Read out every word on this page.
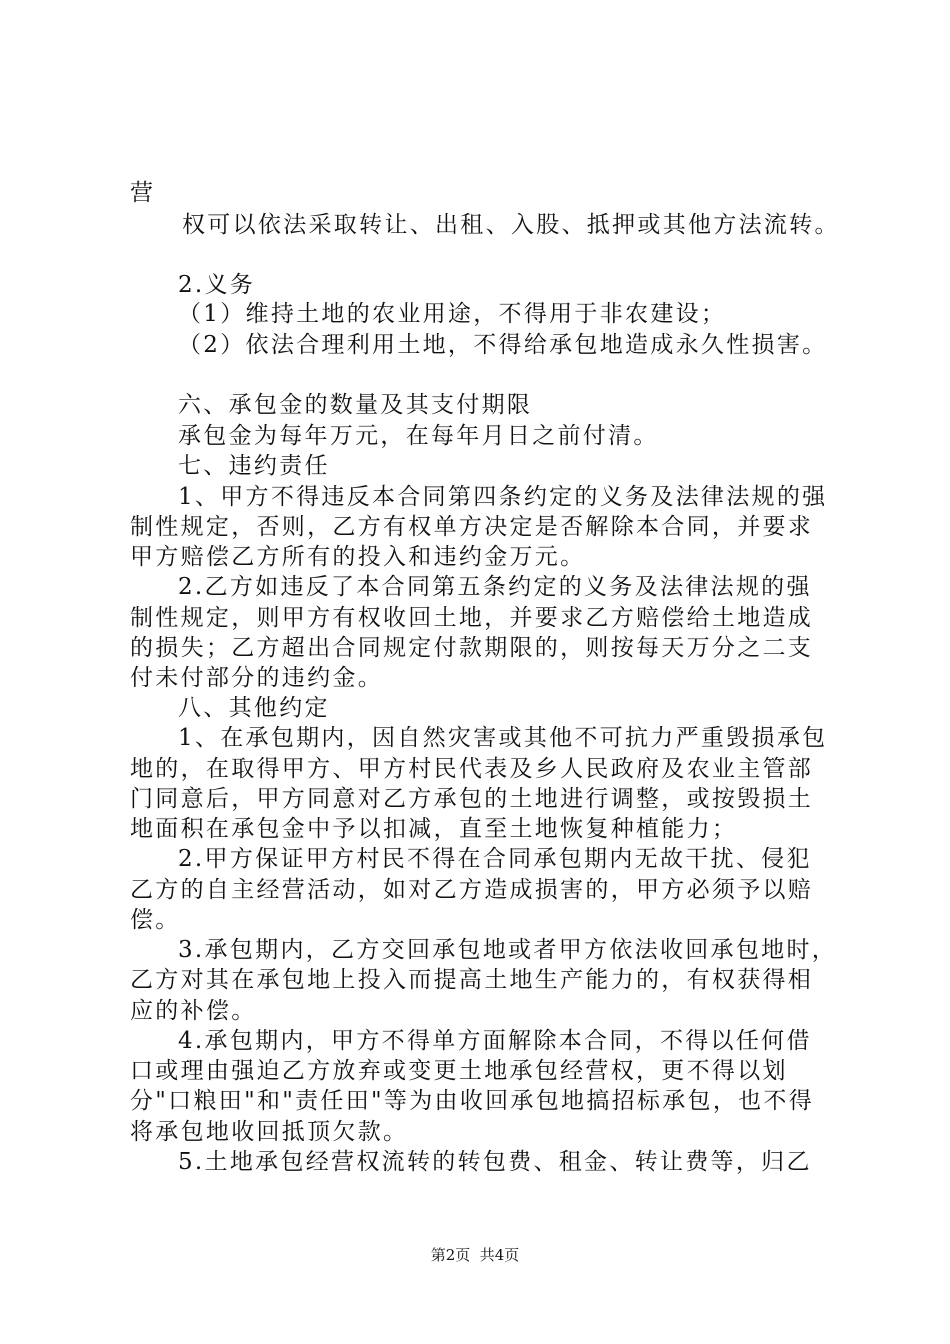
营
权可以依法采取转让、出租、入股、抵押或其他方法流转。
2.义务
（1）维持土地的农业用途，不得用于非农建设；
（2）依法合理利用土地，不得给承包地造成永久性损害。
六、承包金的数量及其支付期限
承包金为每年万元，在每年月日之前付清。
七、违约责任
1、甲方不得违反本合同第四条约定的义务及法律法规的强
制性规定，否则，乙方有权单方决定是否解除本合同，并要求
甲方赔偿乙方所有的投入和违约金万元。
2.乙方如违反了本合同第五条约定的义务及法律法规的强
制性规定，则甲方有权收回土地，并要求乙方赔偿给土地造成
的损失；乙方超出合同规定付款期限的，则按每天万分之二支
付未付部分的违约金。
八、其他约定
1、在承包期内，因自然灾害或其他不可抗力严重毁损承包
地的，在取得甲方、甲方村民代表及乡人民政府及农业主管部
门同意后，甲方同意对乙方承包的土地进行调整，或按毁损土
地面积在承包金中予以扣减，直至土地恢复种植能力；
2.甲方保证甲方村民不得在合同承包期内无故干扰、侵犯
乙方的自主经营活动，如对乙方造成损害的，甲方必须予以赔
偿。
3.承包期内，乙方交回承包地或者甲方依法收回承包地时，
乙方对其在承包地上投入而提高土地生产能力的，有权获得相
应的补偿。
4.承包期内，甲方不得单方面解除本合同，不得以任何借
口或理由强迫乙方放弃或变更土地承包经营权，更不得以划
分"口粮田"和"责任田"等为由收回承包地搞招标承包，也不得
将承包地收回抵顶欠款。
5.土地承包经营权流转的转包费、租金、转让费等，归乙
第2页  共4页
